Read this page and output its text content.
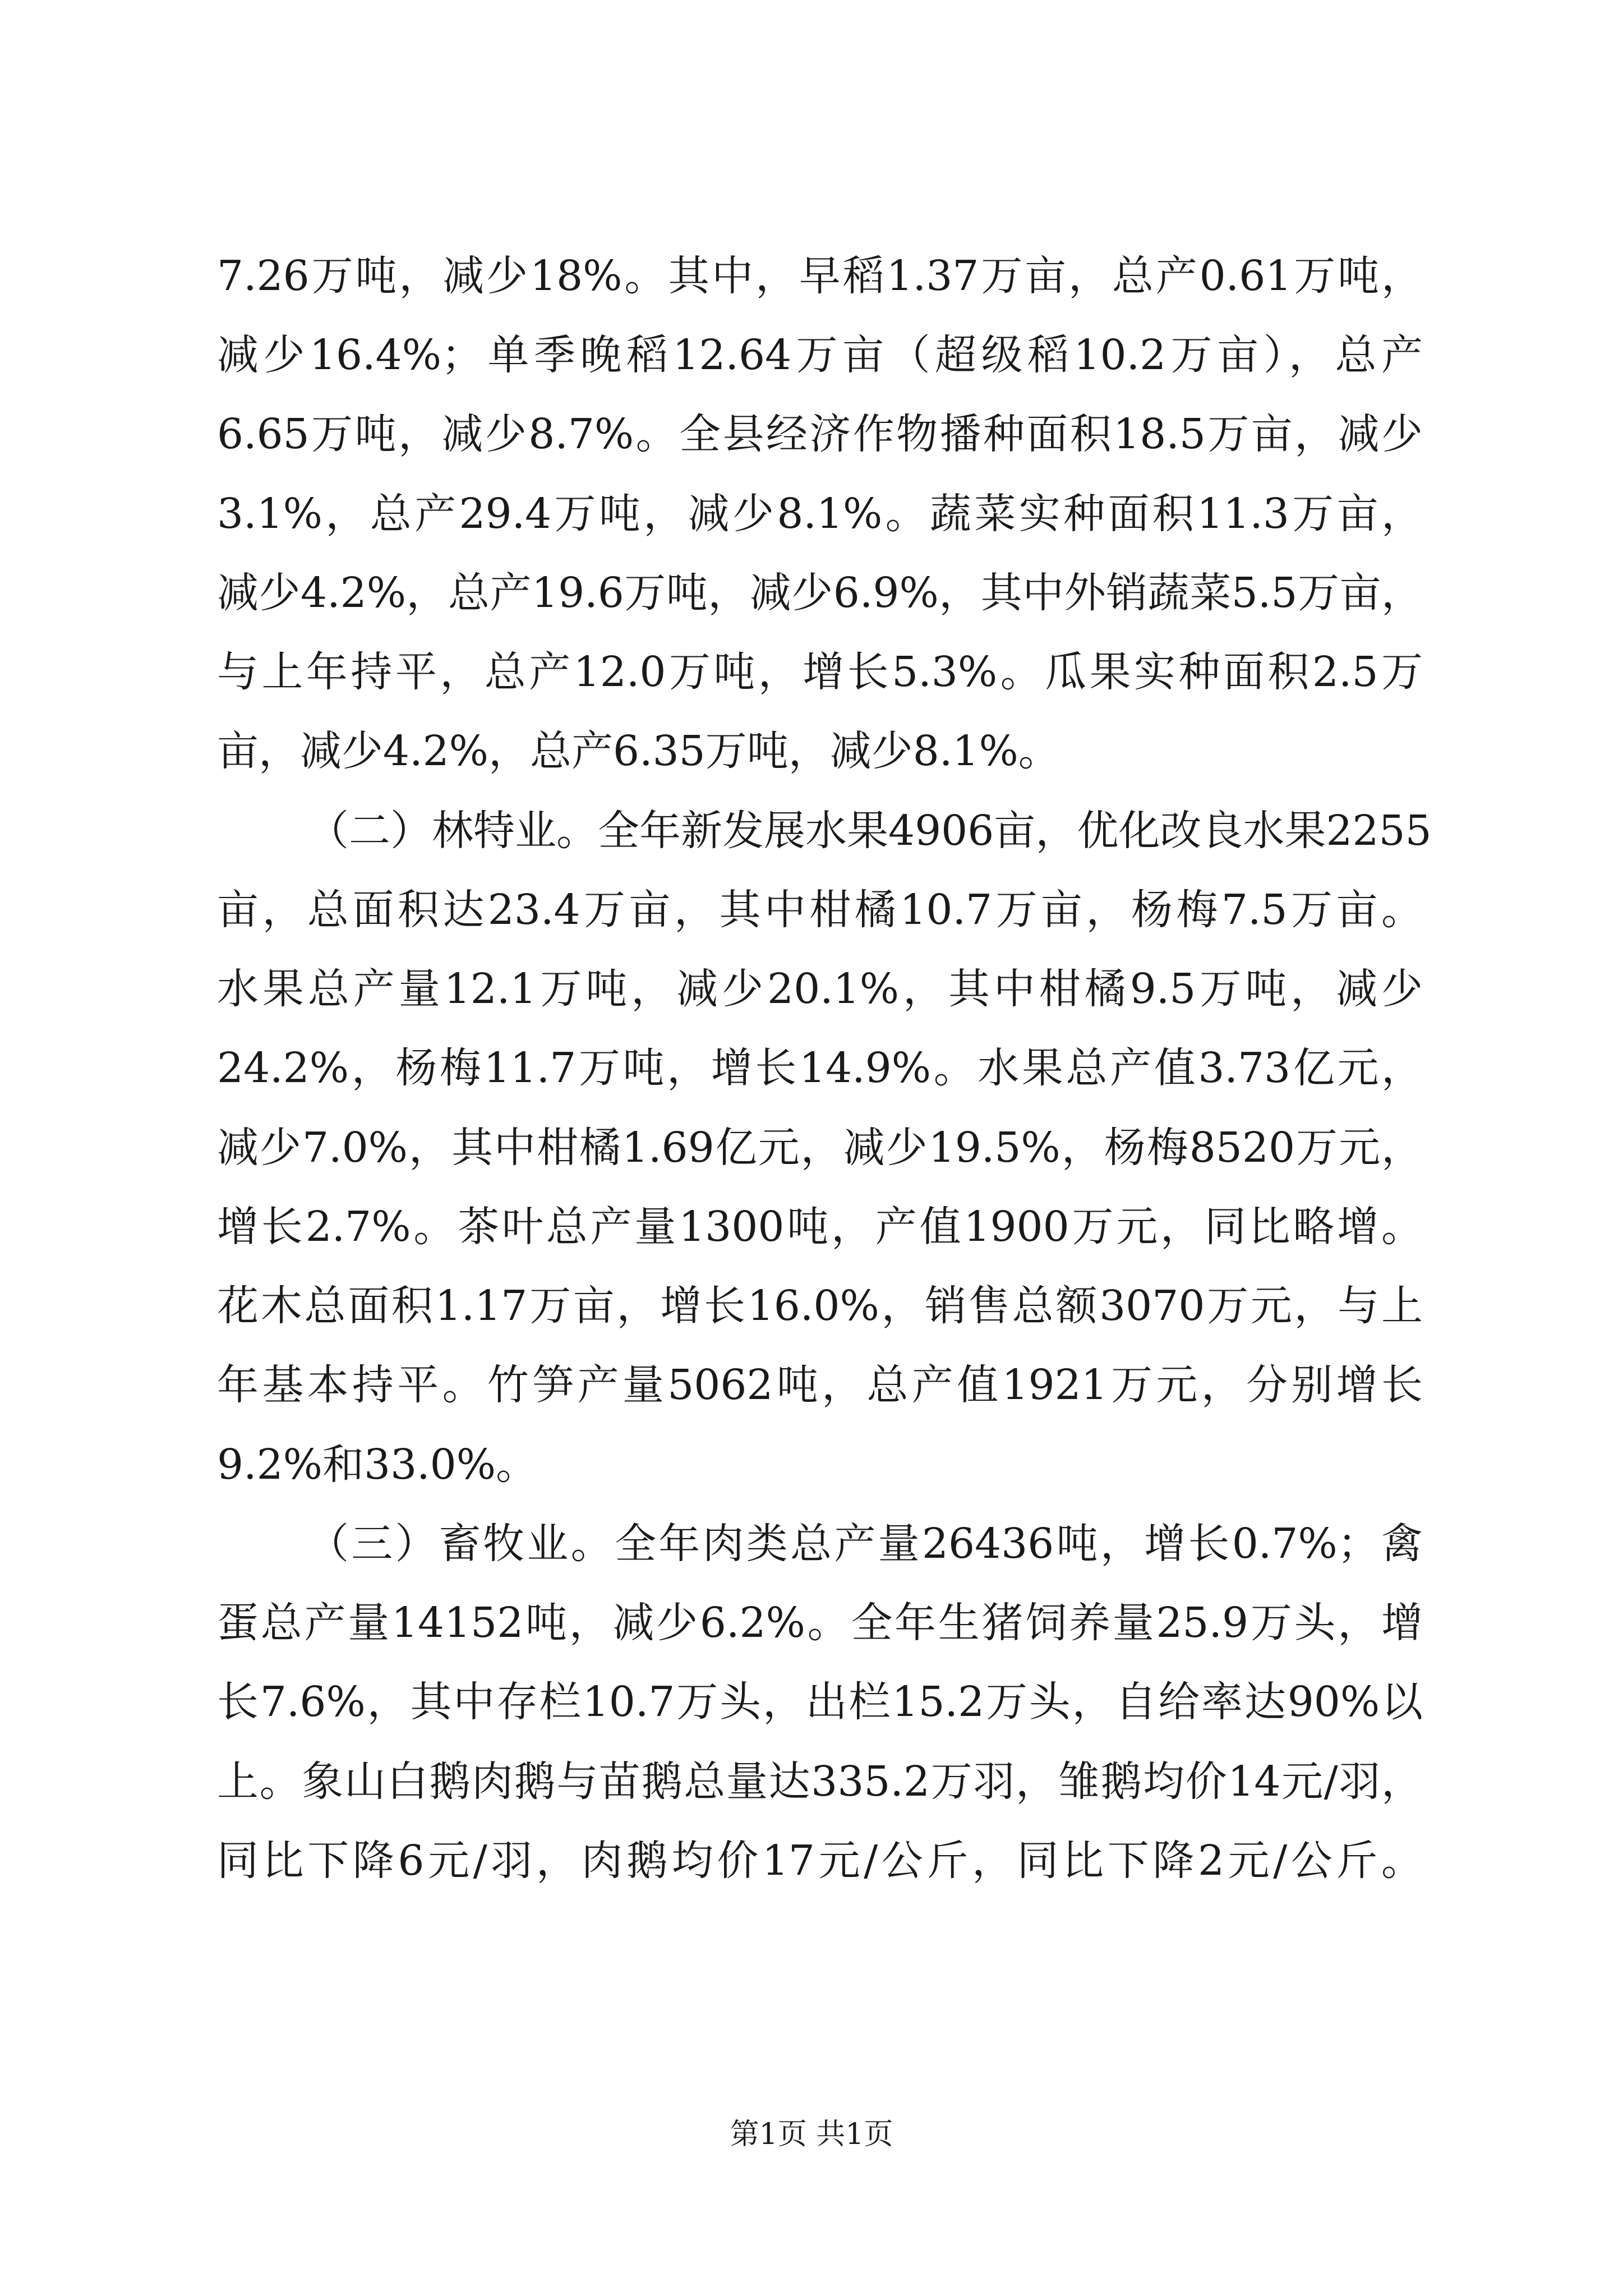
7.26万吨，减少18%。其中，早稻1.37万亩，总产0.61万吨，
减少16.4%；单季晚稻12.64万亩（超级稻10.2万亩），总产
6.65万吨，减少8.7%。全县经济作物播种面积18.5万亩，减少
3.1%，总产29.4万吨，减少8.1%。蔬菜实种面积11.3万亩，
减少4.2%，总产19.6万吨，减少6.9%，其中外销蔬菜5.5万亩，
与上年持平，总产12.0万吨，增长5.3%。瓜果实种面积2.5万
亩，减少4.2%，总产6.35万吨，减少8.1%。
（二）林特业。全年新发展水果4906亩，优化改良水果2255
亩，总面积达23.4万亩，其中柑橘10.7万亩，杨梅7.5万亩。
水果总产量12.1万吨，减少20.1%，其中柑橘9.5万吨，减少
24.2%，杨梅11.7万吨，增长14.9%。水果总产值3.73亿元，
减少7.0%，其中柑橘1.69亿元，减少19.5%，杨梅8520万元，
增长2.7%。茶叶总产量1300吨，产值1900万元，同比略增。
花木总面积1.17万亩，增长16.0%，销售总额3070万元，与上
年基本持平。竹笋产量5062吨，总产值1921万元，分别增长
9.2%和33.0%。
（三）畜牧业。全年肉类总产量26436吨，增长0.7%；禽
蛋总产量14152吨，减少6.2%。全年生猪饲养量25.9万头，增
长7.6%，其中存栏10.7万头，出栏15.2万头，自给率达90%以
上。象山白鹅肉鹅与苗鹅总量达335.2万羽，雏鹅均价14元/羽，
同比下降6元/羽，肉鹅均价17元/公斤，同比下降2元/公斤。
第1页 共1页
